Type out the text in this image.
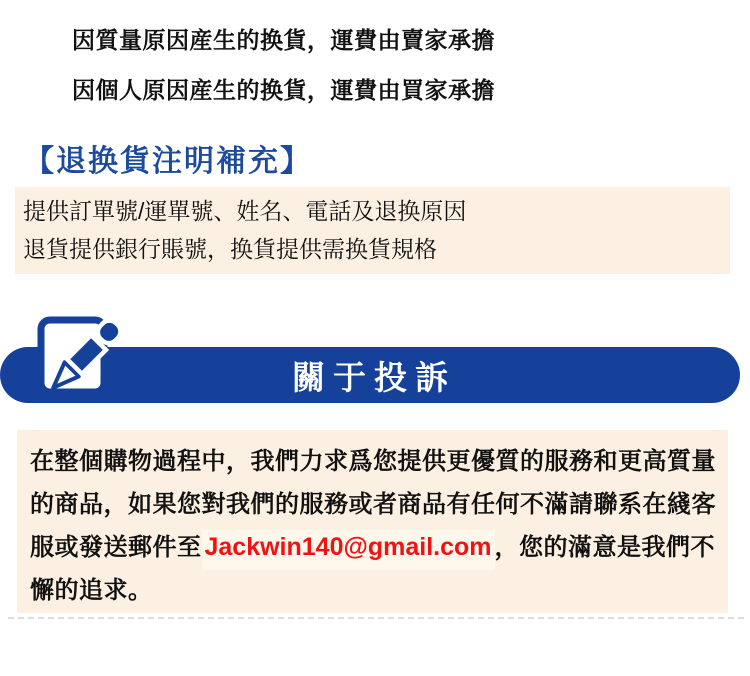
因質量原因産生的换貨，運費由賣家承擔
因個人原因産生的换貨，運費由買家承擔
【退换貨注明補充】

提供訂單號/運單號、姓名、電話及退换原因

退貨提供銀行賬號，换貨提供需换貨規格

關于投訴

在整個購物過程中，我們力求爲您提供更優質的服務和更高質量的商品，如果您對我們的服務或者商品有任何不滿請聯系在綫客服或發送郵件至 Jackwin140@gmail.com ，您的滿意是我們不懈的追求。
